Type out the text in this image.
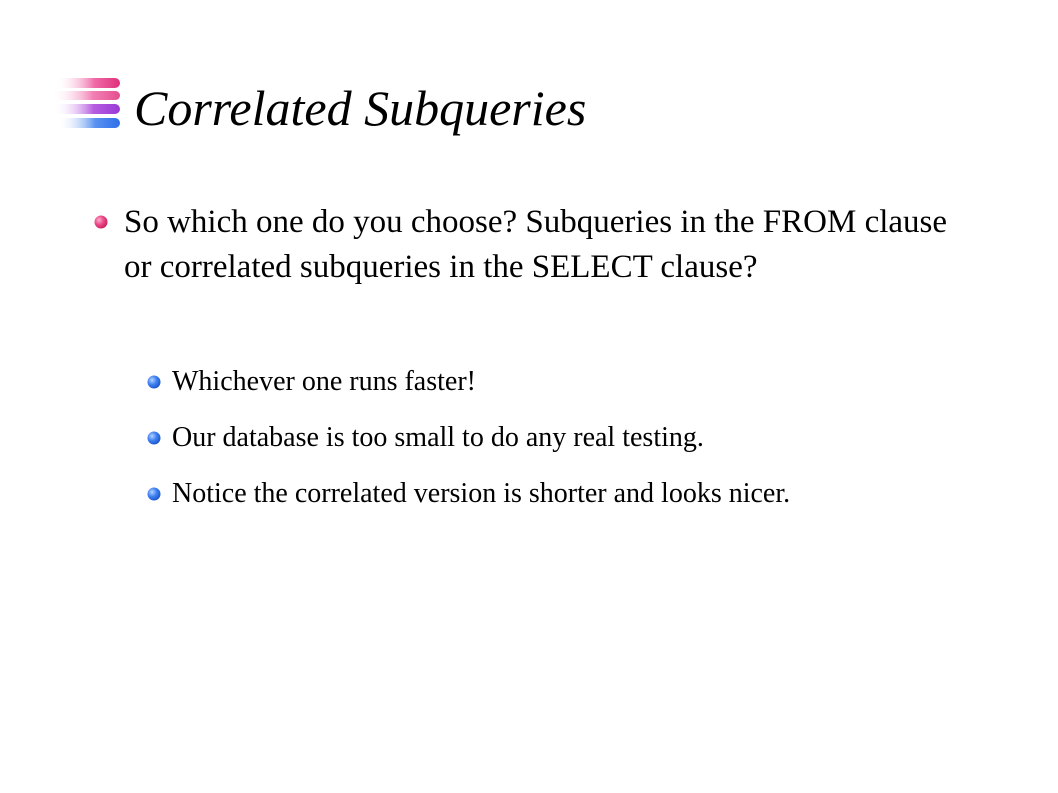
Correlated Subqueries
So which one do you choose? Subqueries in the FROM clause or correlated subqueries in the SELECT clause?
Whichever one runs faster!
Our database is too small to do any real testing.
Notice the correlated version is shorter and looks nicer.
